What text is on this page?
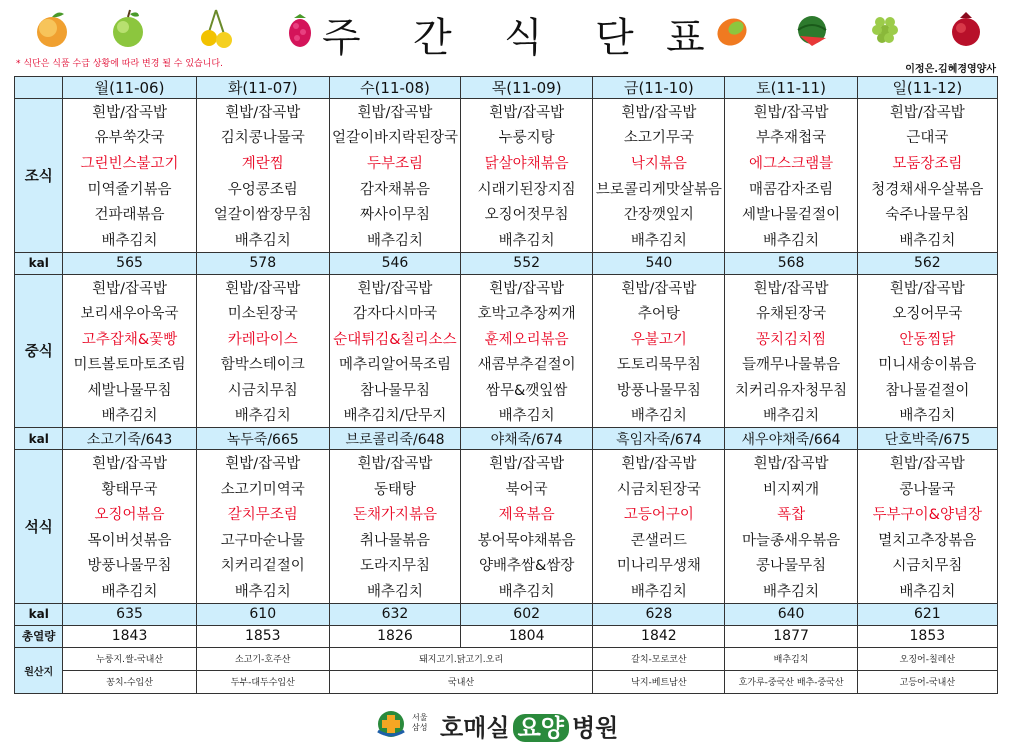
주 간 식 단 표
* 식단은 식품 수급 상황에 따라 변경 될 수 있습니다.	이정은.김혜경영양사
	월(11-06)	화(11-07)	수(11-08)	목(11-09)	금(11-10)	토(11-11)	일(11-12)
조식	흰밥/잡곡밥	흰밥/잡곡밥	흰밥/잡곡밥	흰밥/잡곡밥	흰밥/잡곡밥	흰밥/잡곡밥	흰밥/잡곡밥
	유부쑥갓국	김치콩나물국	얼갈이바지락된장국	누룽지탕	소고기무국	부추재첩국	근대국
	그린빈스불고기	계란찜	두부조림	닭살야채볶음	낙지볶음	에그스크램블	모둠장조림
	미역줄기볶음	우엉콩조림	감자채볶음	시래기된장지짐	브로콜리게맛살볶음	매콤감자조림	청경채새우살볶음
	건파래볶음	얼갈이쌈장무침	짜사이무침	오징어젓무침	간장깻잎지	세발나물겉절이	숙주나물무침
	배추김치	배추김치	배추김치	배추김치	배추김치	배추김치	배추김치
kal	565	578	546	552	540	568	562
중식	흰밥/잡곡밥	흰밥/잡곡밥	흰밥/잡곡밥	흰밥/잡곡밥	흰밥/잡곡밥	흰밥/잡곡밥	흰밥/잡곡밥
	보리새우아욱국	미소된장국	감자다시마국	호박고추장찌개	추어탕	유채된장국	오징어무국
	고추잡채&꽃빵	카레라이스	순대튀김&칠리소스	훈제오리볶음	우불고기	꽁치김치찜	안동찜닭
	미트볼토마토조림	함박스테이크	메추리알어묵조림	새콤부추겉절이	도토리묵무침	들깨무나물볶음	미니새송이볶음
	세발나물무침	시금치무침	참나물무침	쌈무&깻잎쌈	방풍나물무침	치커리유자청무침	참나물겉절이
	배추김치	배추김치	배추김치/단무지	배추김치	배추김치	배추김치	배추김치
kal	소고기죽/643	녹두죽/665	브로콜리죽/648	야채죽/674	흑임자죽/674	새우야채죽/664	단호박죽/675
석식	흰밥/잡곡밥	흰밥/잡곡밥	흰밥/잡곡밥	흰밥/잡곡밥	흰밥/잡곡밥	흰밥/잡곡밥	흰밥/잡곡밥
	황태무국	소고기미역국	동태탕	북어국	시금치된장국	비지찌개	콩나물국
	오징어볶음	갈치무조림	돈채가지볶음	제육볶음	고등어구이	폭찹	두부구이&양념장
	목이버섯볶음	고구마순나물	취나물볶음	봉어묵야채볶음	콘샐러드	마늘종새우볶음	멸치고추장볶음
	방풍나물무침	치커리겉절이	도라지무침	양배추쌈&쌈장	미나리무생채	콩나물무침	시금치무침
	배추김치	배추김치	배추김치	배추김치	배추김치	배추김치	배추김치
kal	635	610	632	602	628	640	621
총열량	1843	1853	1826	1804	1842	1877	1853
원산지	누룽지.쌀-국내산	소고기-호주산	돼지고기.닭고기.오리		갈치-모로코산	배추김치	오징어-칠레산
	꽁치-수입산	두부-대두수입산	국내산		낙지-베트남산	호가루-중국산 배추-중국산	고등어-국내산
서울
삼성 호매실 요양 병원
